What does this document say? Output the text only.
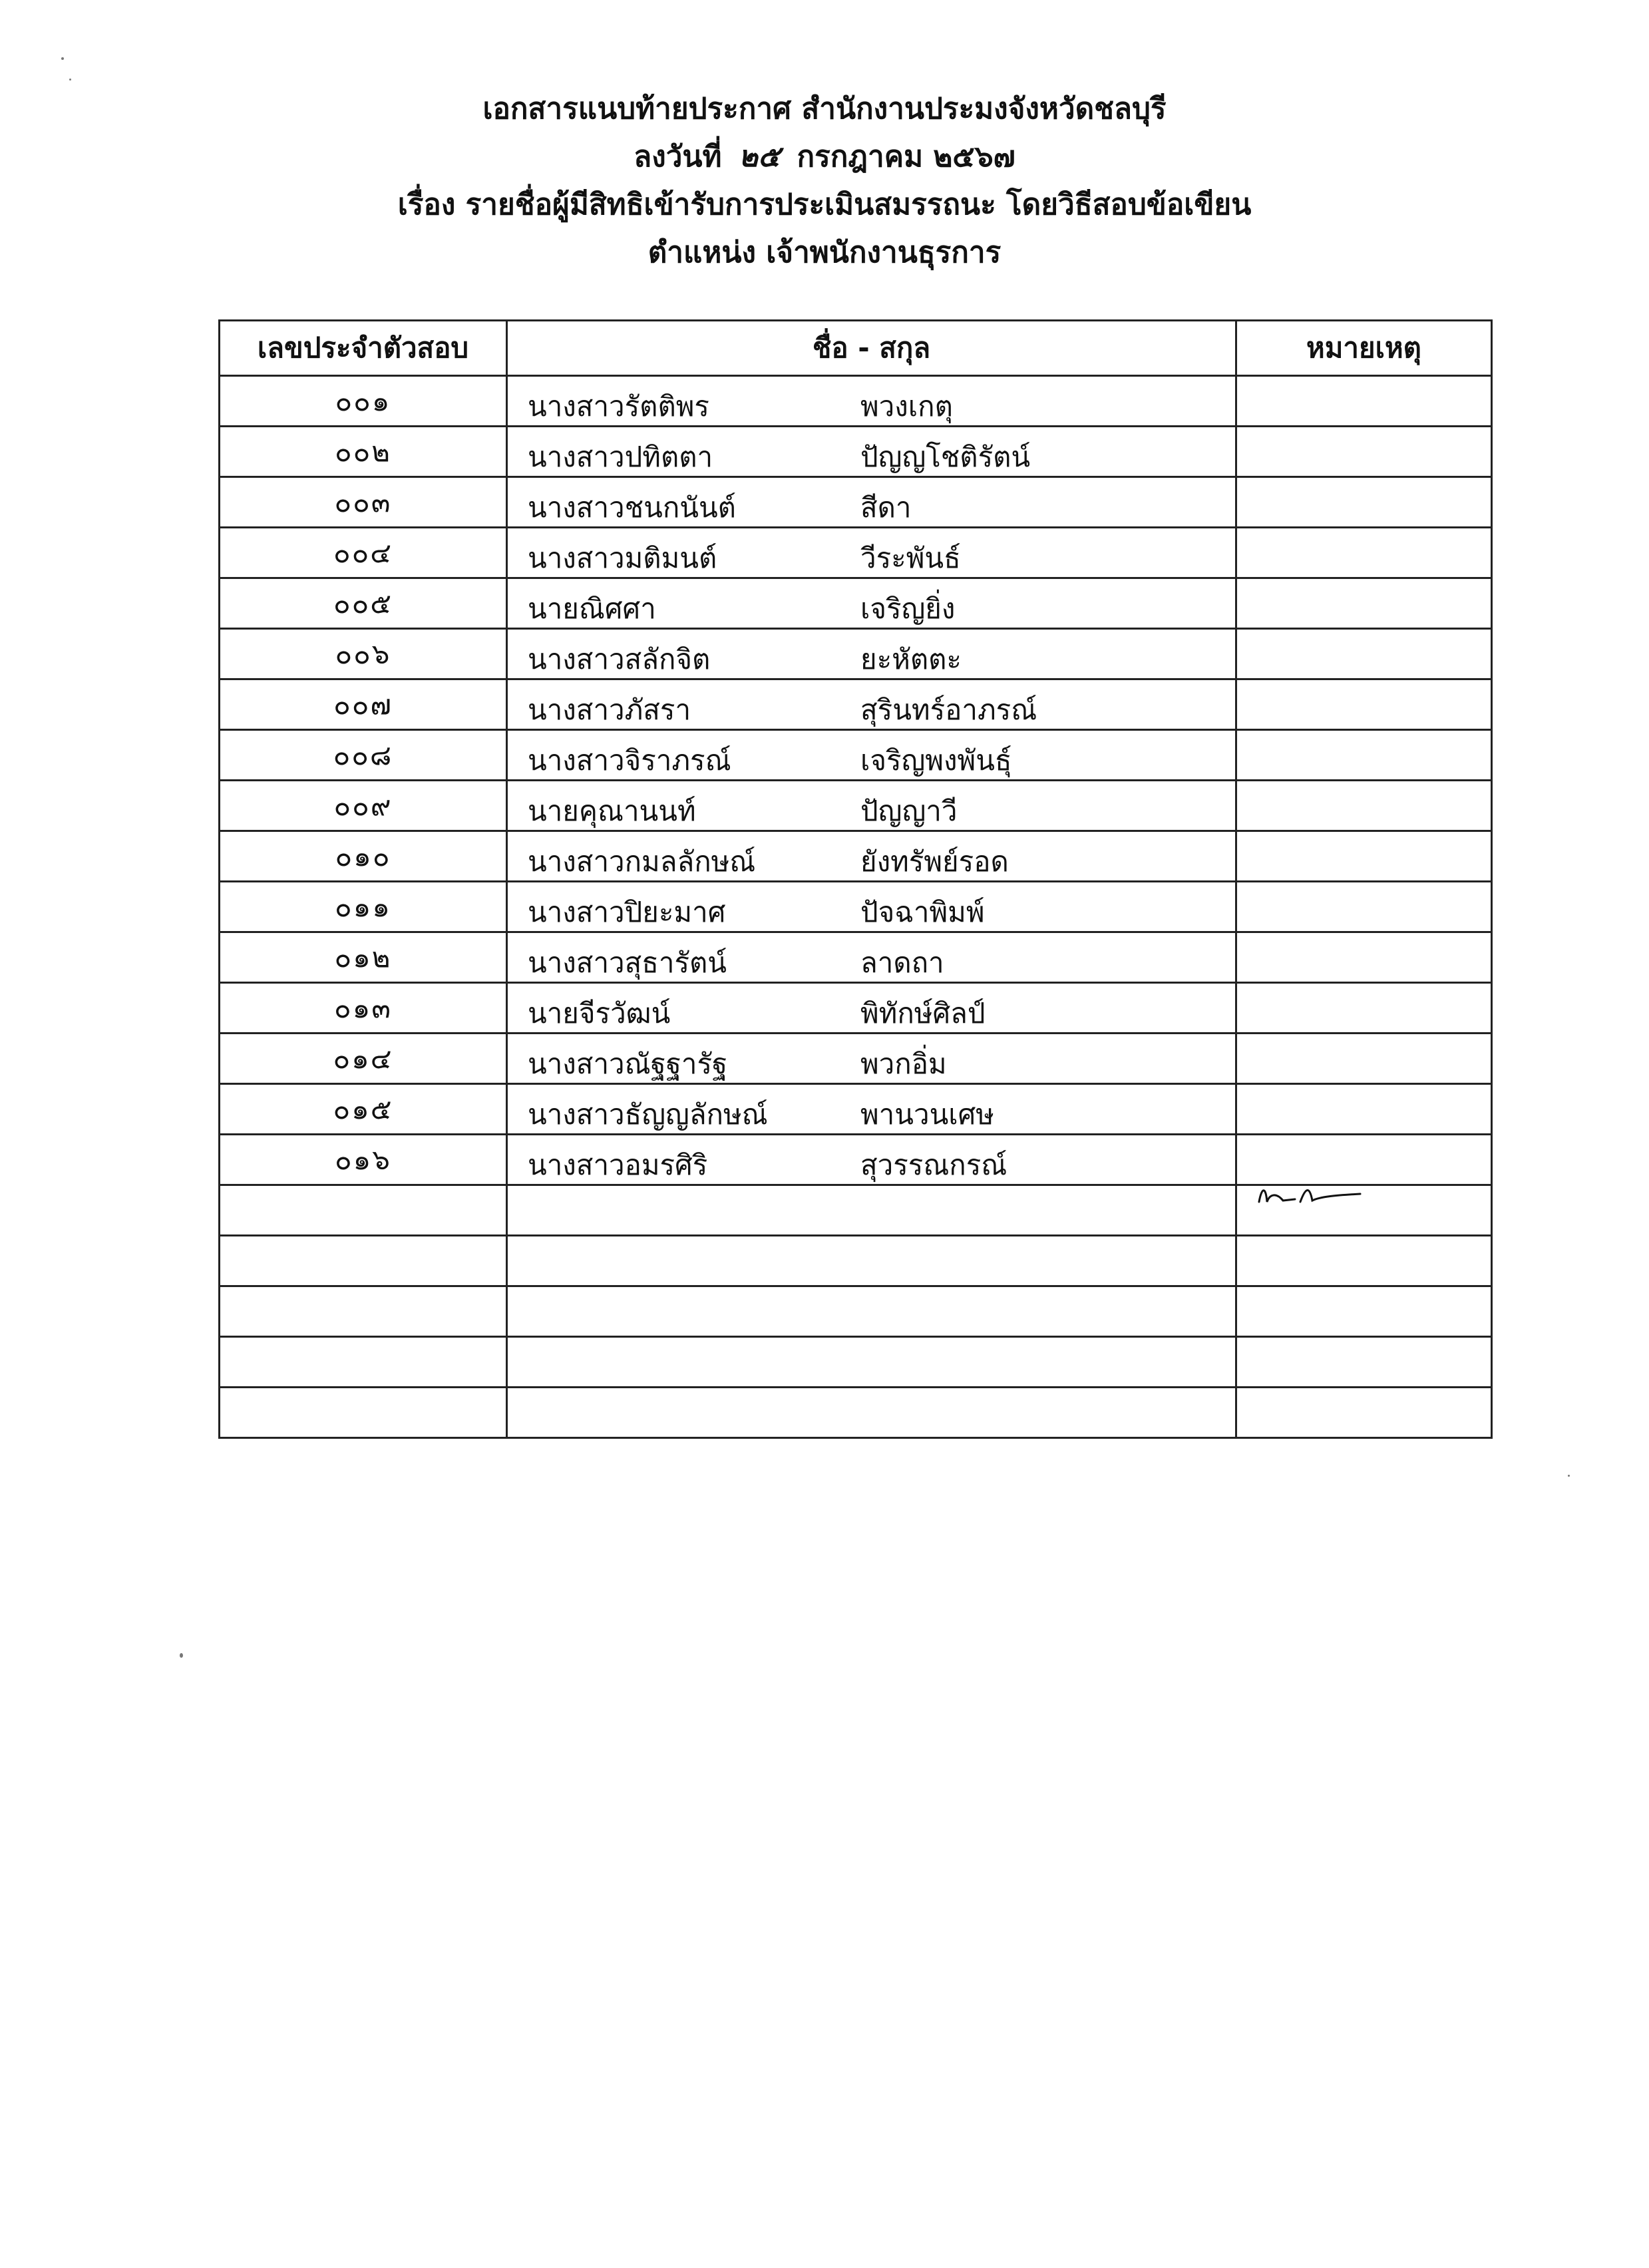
เอกสารแนบท้ายประกาศ สำนักงานประมงจังหวัดชลบุรี
ลงวันที่ ๒๕ กรกฎาคม ๒๕๖๗
เรื่อง รายชื่อผู้มีสิทธิเข้ารับการประเมินสมรรถนะ โดยวิธีสอบข้อเขียน
ตำแหน่ง เจ้าพนักงานธุรการ
เลขประจำตัวสอบ	ชื่อ - สกุล	หมายเหตุ
๐๐๑	นางสาวรัตติพร พวงเกตุ	

๐๐๒	นางสาวปทิตตา ปัญญโชติรัตน์	

๐๐๓	นางสาวชนกนันต์ สีดา	

๐๐๔	นางสาวมติมนต์ วีระพันธ์	

๐๐๕	นายณิศศา เจริญยิ่ง	

๐๐๖	นางสาวสลักจิต ยะหัตตะ	

๐๐๗	นางสาวภัสรา สุรินทร์อาภรณ์	

๐๐๘	นางสาวจิราภรณ์ เจริญพงพันธุ์	

๐๐๙	นายคุณานนท์ ปัญญาวี	

๐๑๐	นางสาวกมลลักษณ์ ยังทรัพย์รอด	

๐๑๑	นางสาวปิยะมาศ ปัจฉาพิมพ์	

๐๑๒	นางสาวสุธารัตน์ ลาดถา	

๐๑๓	นายจีรวัฒน์ พิทักษ์ศิลป์	

๐๑๔	นางสาวณัฐฐารัฐ พวกอิ่ม	

๐๑๕	นางสาวธัญญลักษณ์ พานวนเศษ	

๐๑๖	นางสาวอมรศิริ สุวรรณกรณ์	
